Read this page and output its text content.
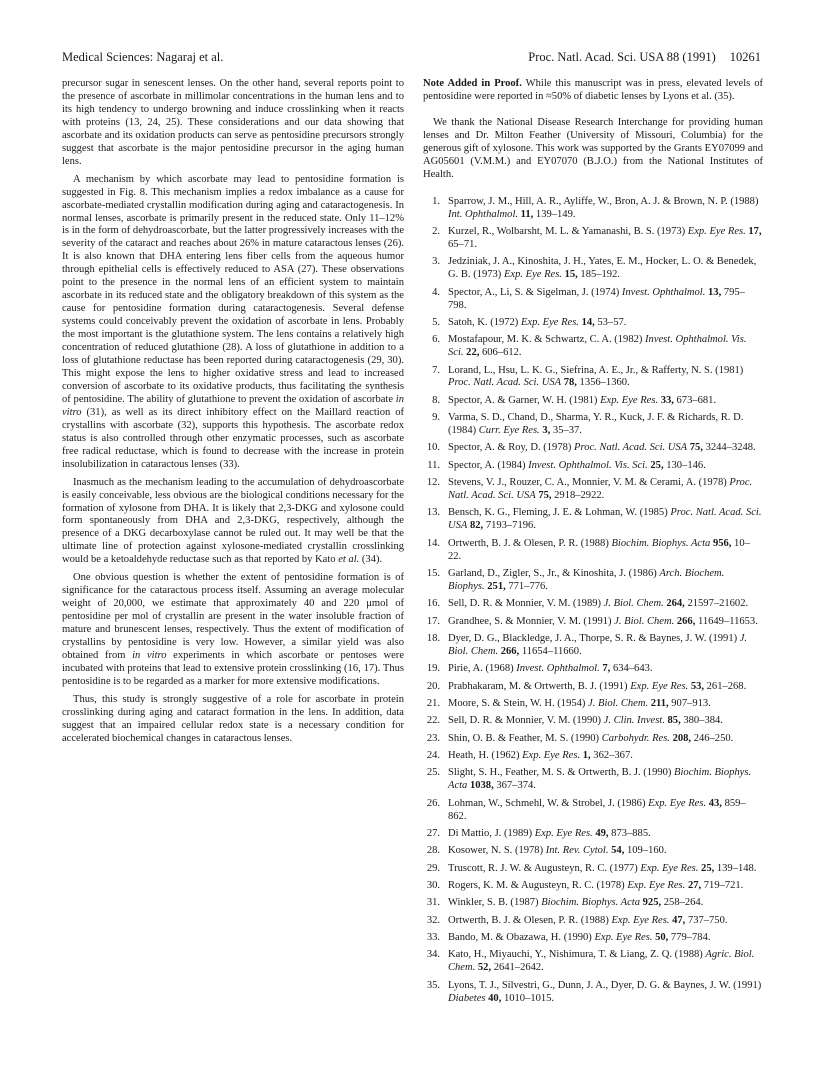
Medical Sciences: Nagaraj et al.	Proc. Natl. Acad. Sci. USA 88 (1991) 10261

precursor sugar in senescent lenses. On the other hand, several reports point to the presence of ascorbate in millimolar concentrations in the human lens and to its high tendency to undergo browning and induce crosslinking when it reacts with proteins (13, 24, 25). These considerations and our data showing that ascorbate and its oxidation products can serve as pentosidine precursors strongly suggest that ascorbate is the major pentosidine precursor in the aging human lens.

A mechanism by which ascorbate may lead to pentosidine formation is suggested in Fig. 8. This mechanism implies a redox imbalance as a cause for ascorbate-mediated crystallin modification during aging and cataractogenesis. In normal lenses, ascorbate is primarily present in the reduced state. Only 11–12% is in the form of dehydroascorbate, but the latter progressively increases with the severity of the cataract and reaches about 26% in mature cataractous lenses (26). It is also known that DHA entering lens fiber cells from the aqueous humor through epithelial cells is effectively reduced to ASA (27). These observations point to the presence in the normal lens of an efficient system to maintain ascorbate in its reduced state and the obligatory breakdown of this system as the cause for pentosidine formation during cataractogenesis. Several defense systems could conceivably prevent the oxidation of ascorbate in lens. Probably the most important is the glutathione system. The lens contains a relatively high concentration of reduced glutathione (28). A loss of glutathione in addition to a loss of glutathione reductase has been reported during cataractogenesis (29, 30). This might expose the lens to higher oxidative stress and lead to increased conversion of ascorbate to its oxidative products, thus facilitating the synthesis of pentosidine. The ability of glutathione to prevent the oxidation of ascorbate in vitro (31), as well as its direct inhibitory effect on the Maillard reaction of crystallins with ascorbate (32), supports this hypothesis. The ascorbate redox status is also controlled through other enzymatic processes, such as ascorbate free radical reductase, which is found to decrease with the increase in protein insolubilization in cataractous lenses (33).

Inasmuch as the mechanism leading to the accumulation of dehydroascorbate is easily conceivable, less obvious are the biological conditions necessary for the formation of xylosone from DHA. It is likely that 2,3-DKG and xylosone could form spontaneously from DHA and 2,3-DKG, respectively, although the presence of a DKG decarboxylase cannot be ruled out. It may well be that the ultimate line of protection against xylosone-mediated crystallin crosslinking would be a ketoaldehyde reductase such as that reported by Kato et al. (34).

One obvious question is whether the extent of pentosidine formation is of significance for the cataractous process itself. Assuming an average molecular weight of 20,000, we estimate that approximately 40 and 220 μmol of pentosidine per mol of crystallin are present in the water insoluble fraction of mature and brunescent lenses, respectively. Thus the extent of modification of crystallins by pentosidine is very low. However, a similar yield was also obtained from in vitro experiments in which ascorbate or pentoses were incubated with proteins that lead to extensive protein crosslinking (16, 17). Thus pentosidine is to be regarded as a marker for more extensive modifications.

Thus, this study is strongly suggestive of a role for ascorbate in protein crosslinking during aging and cataract formation in the lens. In addition, data suggest that an impaired cellular redox state is a necessary condition for accelerated biochemical changes in cataractous lenses.

Note Added in Proof. While this manuscript was in press, elevated levels of pentosidine were reported in ≈50% of diabetic lenses by Lyons et al. (35).

We thank the National Disease Research Interchange for providing human lenses and Dr. Milton Feather (University of Missouri, Columbia) for the generous gift of xylosone. This work was supported by the Grants EY07099 and AG05601 (V.M.M.) and EY07070 (B.J.O.) from the National Institutes of Health.

1. Sparrow, J. M., Hill, A. R., Ayliffe, W., Bron, A. J. & Brown, N. P. (1988) Int. Ophthalmol. 11, 139–149.
2. Kurzel, R., Wolbarsht, M. L. & Yamanashi, B. S. (1973) Exp. Eye Res. 17, 65–71.
3. Jedziniak, J. A., Kinoshita, J. H., Yates, E. M., Hocker, L. O. & Benedek, G. B. (1973) Exp. Eye Res. 15, 185–192.
4. Spector, A., Li, S. & Sigelman, J. (1974) Invest. Ophthalmol. 13, 795–798.
5. Satoh, K. (1972) Exp. Eye Res. 14, 53–57.
6. Mostafapour, M. K. & Schwartz, C. A. (1982) Invest. Ophthalmol. Vis. Sci. 22, 606–612.
7. Lorand, L., Hsu, L. K. G., Siefrina, A. E., Jr., & Rafferty, N. S. (1981) Proc. Natl. Acad. Sci. USA 78, 1356–1360.
8. Spector, A. & Garner, W. H. (1981) Exp. Eye Res. 33, 673–681.
9. Varma, S. D., Chand, D., Sharma, Y. R., Kuck, J. F. & Richards, R. D. (1984) Curr. Eye Res. 3, 35–37.
10. Spector, A. & Roy, D. (1978) Proc. Natl. Acad. Sci. USA 75, 3244–3248.
11. Spector, A. (1984) Invest. Ophthalmol. Vis. Sci. 25, 130–146.
12. Stevens, V. J., Rouzer, C. A., Monnier, V. M. & Cerami, A. (1978) Proc. Natl. Acad. Sci. USA 75, 2918–2922.
13. Bensch, K. G., Fleming, J. E. & Lohman, W. (1985) Proc. Natl. Acad. Sci. USA 82, 7193–7196.
14. Ortwerth, B. J. & Olesen, P. R. (1988) Biochim. Biophys. Acta 956, 10–22.
15. Garland, D., Zigler, S., Jr., & Kinoshita, J. (1986) Arch. Biochem. Biophys. 251, 771–776.
16. Sell, D. R. & Monnier, V. M. (1989) J. Biol. Chem. 264, 21597–21602.
17. Grandhee, S. & Monnier, V. M. (1991) J. Biol. Chem. 266, 11649–11653.
18. Dyer, D. G., Blackledge, J. A., Thorpe, S. R. & Baynes, J. W. (1991) J. Biol. Chem. 266, 11654–11660.
19. Pirie, A. (1968) Invest. Ophthalmol. 7, 634–643.
20. Prabhakaram, M. & Ortwerth, B. J. (1991) Exp. Eye Res. 53, 261–268.
21. Moore, S. & Stein, W. H. (1954) J. Biol. Chem. 211, 907–913.
22. Sell, D. R. & Monnier, V. M. (1990) J. Clin. Invest. 85, 380–384.
23. Shin, O. B. & Feather, M. S. (1990) Carbohydr. Res. 208, 246–250.
24. Heath, H. (1962) Exp. Eye Res. 1, 362–367.
25. Slight, S. H., Feather, M. S. & Ortwerth, B. J. (1990) Biochim. Biophys. Acta 1038, 367–374.
26. Lohman, W., Schmehl, W. & Strobel, J. (1986) Exp. Eye Res. 43, 859–862.
27. Di Mattio, J. (1989) Exp. Eye Res. 49, 873–885.
28. Kosower, N. S. (1978) Int. Rev. Cytol. 54, 109–160.
29. Truscott, R. J. W. & Augusteyn, R. C. (1977) Exp. Eye Res. 25, 139–148.
30. Rogers, K. M. & Augusteyn, R. C. (1978) Exp. Eye Res. 27, 719–721.
31. Winkler, S. B. (1987) Biochim. Biophys. Acta 925, 258–264.
32. Ortwerth, B. J. & Olesen, P. R. (1988) Exp. Eye Res. 47, 737–750.
33. Bando, M. & Obazawa, H. (1990) Exp. Eye Res. 50, 779–784.
34. Kato, H., Miyauchi, Y., Nishimura, T. & Liang, Z. Q. (1988) Agric. Biol. Chem. 52, 2641–2642.
35. Lyons, T. J., Silvestri, G., Dunn, J. A., Dyer, D. G. & Baynes, J. W. (1991) Diabetes 40, 1010–1015.
